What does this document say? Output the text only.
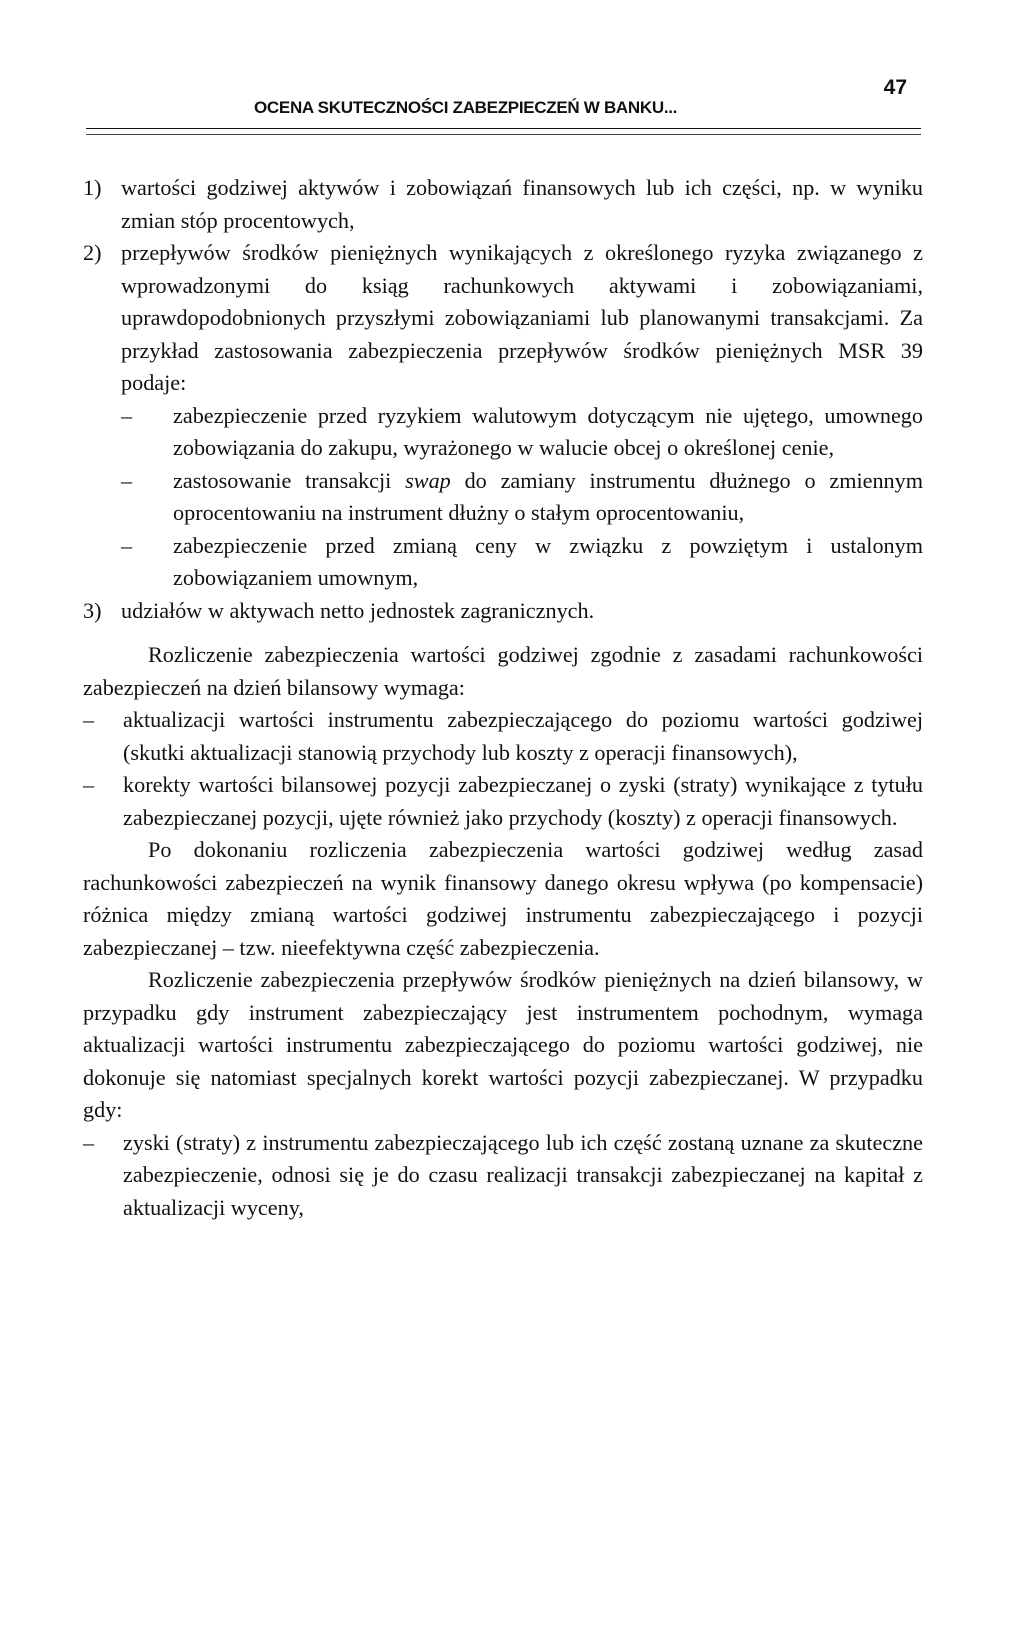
OCENA SKUTECZNOŚCI ZABEZPIECZEŃ W BANKU...
47
1) wartości godziwej aktywów i zobowiązań finansowych lub ich części, np. w wyniku zmian stóp procentowych,
2) przepływów środków pieniężnych wynikających z określonego ryzyka związanego z wprowadzonymi do ksiąg rachunkowych aktywami i zobowiązaniami, uprawdopodobnionych przyszłymi zobowiązaniami lub planowanymi transakcjami. Za przykład zastosowania zabezpieczenia przepływów środków pieniężnych MSR 39 podaje:

–	zabezpieczenie przed ryzykiem walutowym dotyczącym nie ujętego, umownego zobowiązania do zakupu, wyrażonego w walucie obcej o określonej cenie,
–	zastosowanie transakcji swap do zamiany instrumentu dłużnego o zmiennym oprocentowaniu na instrument dłużny o stałym oprocentowaniu,
–	zabezpieczenie przed zmianą ceny w związku z powziętym i ustalonym zobowiązaniem umownym,
3) udziałów w aktywach netto jednostek zagranicznych.

Rozliczenie zabezpieczenia wartości godziwej zgodnie z zasadami rachunkowości zabezpieczeń na dzień bilansowy wymaga:

–	aktualizacji wartości instrumentu zabezpieczającego do poziomu wartości godziwej (skutki aktualizacji stanowią przychody lub koszty z operacji finansowych),
–	korekty wartości bilansowej pozycji zabezpieczanej o zyski (straty) wynikające z tytułu zabezpieczanej pozycji, ujęte również jako przychody (koszty) z operacji finansowych.

Po dokonaniu rozliczenia zabezpieczenia wartości godziwej według zasad rachunkowości zabezpieczeń na wynik finansowy danego okresu wpływa (po kompensacie) różnica między zmianą wartości godziwej instrumentu zabezpieczającego i pozycji zabezpieczanej – tzw. nieefektywna część zabezpieczenia.

Rozliczenie zabezpieczenia przepływów środków pieniężnych na dzień bilansowy, w przypadku gdy instrument zabezpieczający jest instrumentem pochodnym, wymaga aktualizacji wartości instrumentu zabezpieczającego do poziomu wartości godziwej, nie dokonuje się natomiast specjalnych korekt wartości pozycji zabezpieczanej. W przypadku gdy:

–	zyski (straty) z instrumentu zabezpieczającego lub ich część zostaną uznane za skuteczne zabezpieczenie, odnosi się je do czasu realizacji transakcji zabezpieczanej na kapitał z aktualizacji wyceny,
